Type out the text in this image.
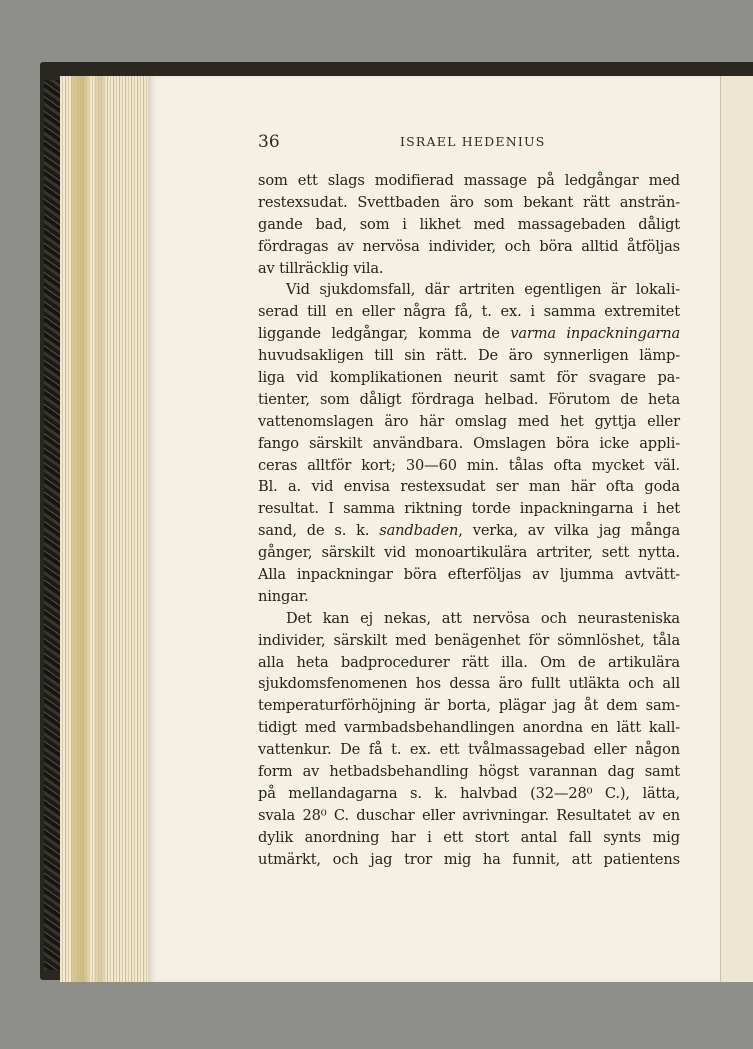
36	ISRAEL HEDENIUS
som ett slags modifierad massage på ledgångar med
restexsudat. Svettbaden äro som bekant rätt ansträn-
gande bad, som i likhet med massagebaden dåligt
fördragas av nervösa individer, och böra alltid åtföljas
av tillräcklig vila.
Vid sjukdomsfall, där artriten egentligen är lokali-
serad till en eller några få, t. ex. i samma extremitet
liggande ledgångar, komma de varma inpackningarna
huvudsakligen till sin rätt. De äro synnerligen lämp-
liga vid komplikationen neurit samt för svagare pa-
tienter, som dåligt fördraga helbad. Förutom de heta
vattenomslagen äro här omslag med het gyttja eller
fango särskilt användbara. Omslagen böra icke appli-
ceras alltför kort; 30—60 min. tålas ofta mycket väl.
Bl. a. vid envisa restexsudat ser man här ofta goda
resultat. I samma riktning torde inpackningarna i het
sand, de s. k. sandbaden, verka, av vilka jag många
gånger, särskilt vid monoartikulära artriter, sett nytta.
Alla inpackningar böra efterföljas av ljumma avtvätt-
ningar.
Det kan ej nekas, att nervösa och neurasteniska
individer, särskilt med benägenhet för sömnlöshet, tåla
alla heta badprocedurer rätt illa. Om de artikulära
sjukdomsfenomenen hos dessa äro fullt utläkta och all
temperaturförhöjning är borta, plägar jag åt dem sam-
tidigt med varmbadsbehandlingen anordna en lätt kall-
vattenkur. De få t. ex. ett tvålmassagebad eller någon
form av hetbadsbehandling högst varannan dag samt
på mellandagarna s. k. halvbad (32—28⁰ C.), lätta,
svala 28⁰ C. duschar eller avrivningar. Resultatet av en
dylik anordning har i ett stort antal fall synts mig
utmärkt, och jag tror mig ha funnit, att patientens
